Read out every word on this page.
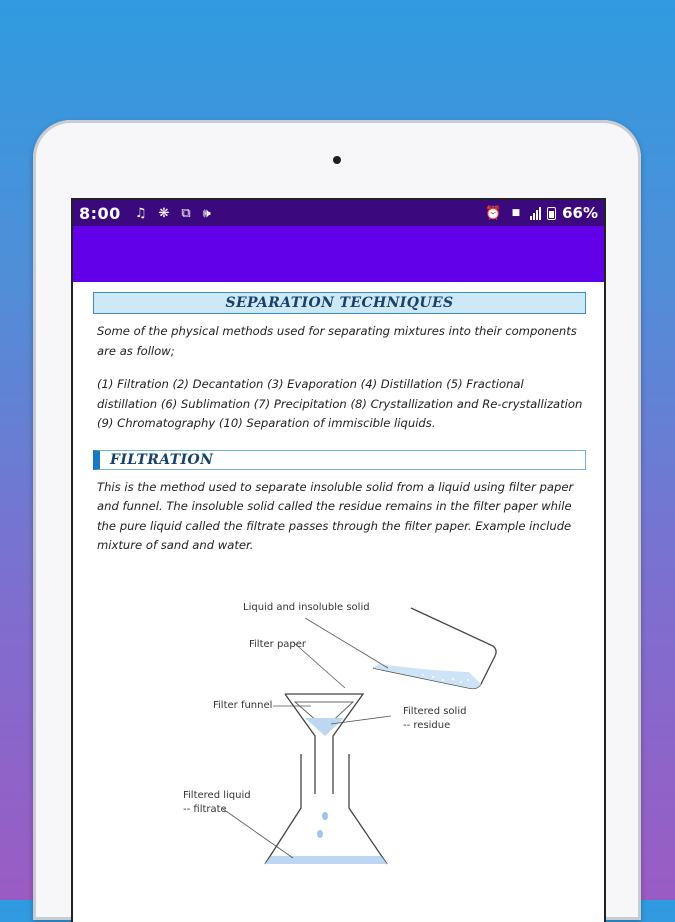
8:00 ♫ ❋ ⧉ 🕪	⏰ ■	66%
SEPARATION TECHNIQUES

Some of the physical methods used for separating mixtures into their components are as follow;

(1) Filtration (2) Decantation (3) Evaporation (4) Distillation (5) Fractional distillation (6) Sublimation (7) Precipitation (8) Crystallization and Re-crystallization (9) Chromatography (10) Separation of immiscible liquids.

FILTRATION

This is the method used to separate insoluble solid from a liquid using filter paper and funnel. The insoluble solid called the residue remains in the filter paper while the pure liquid called the filtrate passes through the filter paper. Example include mixture of sand and water.

Liquid and insoluble solid
Filter paper
Filter funnel
Filtered solid
-- residue
Filtered liquid
-- filtrate
